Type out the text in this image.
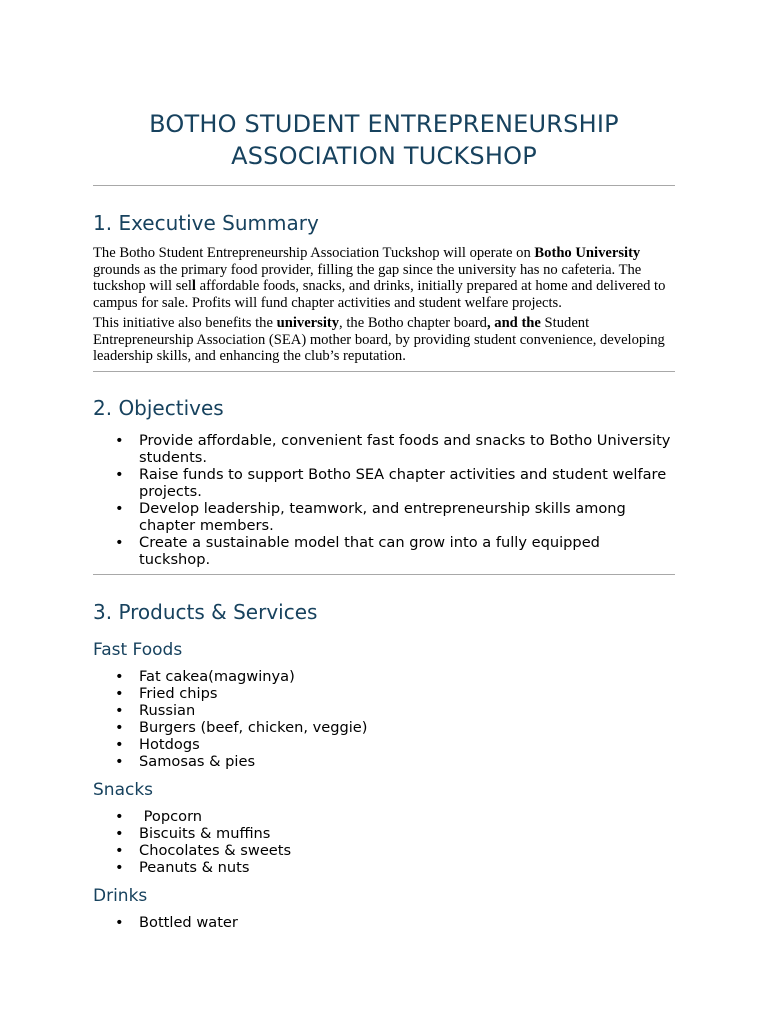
BOTHO STUDENT ENTREPRENEURSHIP
ASSOCIATION TUCKSHOP
1. Executive Summary

The Botho Student Entrepreneurship Association Tuckshop will operate on Botho University grounds as the primary food provider, filling the gap since the university has no cafeteria. The tuckshop will sell affordable foods, snacks, and drinks, initially prepared at home and delivered to campus for sale. Profits will fund chapter activities and student welfare projects.

This initiative also benefits the university, the Botho chapter board, and the Student Entrepreneurship Association (SEA) mother board, by providing student convenience, developing leadership skills, and enhancing the club’s reputation.

2. Objectives
• Provide affordable, convenient fast foods and snacks to Botho University students.
• Raise funds to support Botho SEA chapter activities and student welfare projects.
• Develop leadership, teamwork, and entrepreneurship skills among chapter members.
• Create a sustainable model that can grow into a fully equipped tuckshop.
3. Products & Services
Fast Foods
• Fat cakea(magwinya)
• Fried chips
• Russian
• Burgers (beef, chicken, veggie)
• Hotdogs
• Samosas & pies
Snacks
• Popcorn
• Biscuits & muffins
• Chocolates & sweets
• Peanuts & nuts
Drinks
• Bottled water
